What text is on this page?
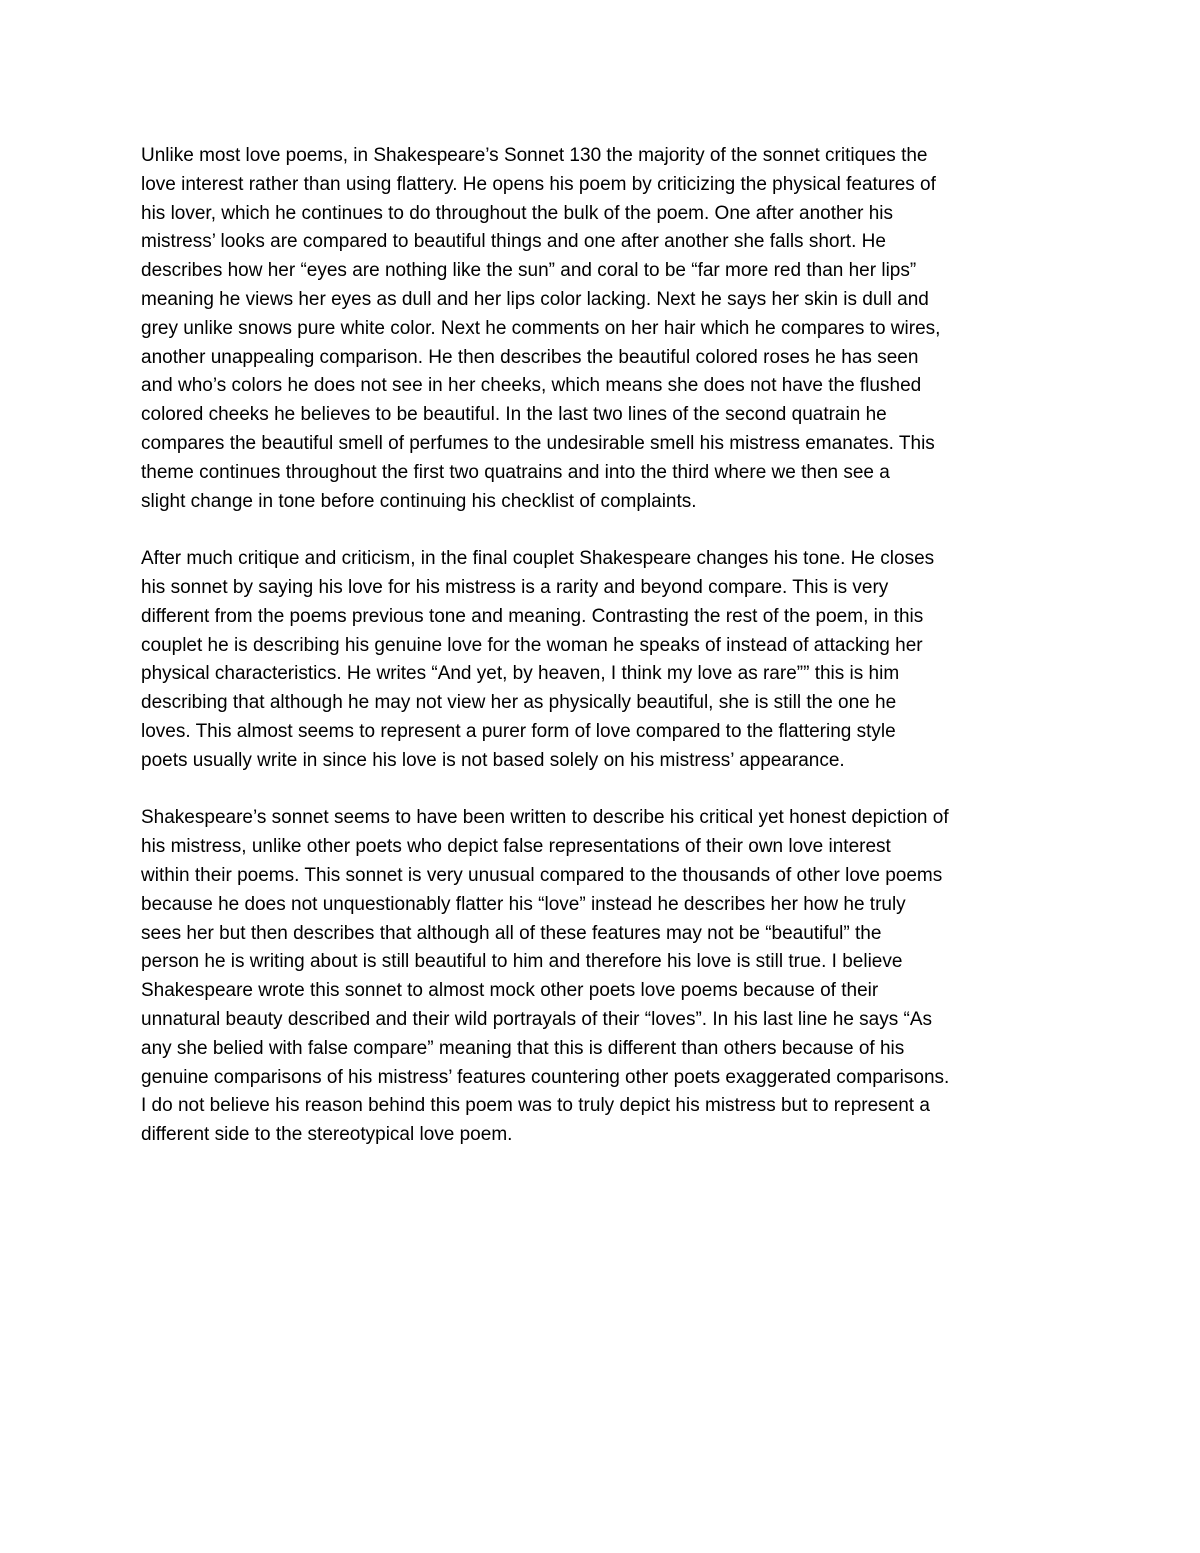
Unlike most love poems, in Shakespeare’s Sonnet 130 the majority of the sonnet critiques the
love interest rather than using flattery. He opens his poem by criticizing the physical features of
his lover, which he continues to do throughout the bulk of the poem. One after another his
mistress’ looks are compared to beautiful things and one after another she falls short. He
describes how her “eyes are nothing like the sun” and coral to be “far more red than her lips”
meaning he views her eyes as dull and her lips color lacking. Next he says her skin is dull and
grey unlike snows pure white color. Next he comments on her hair which he compares to wires,
another unappealing comparison. He then describes the beautiful colored roses he has seen
and who’s colors he does not see in her cheeks, which means she does not have the flushed
colored cheeks he believes to be beautiful. In the last two lines of the second quatrain he
compares the beautiful smell of perfumes to the undesirable smell his mistress emanates. This
theme continues throughout the first two quatrains and into the third where we then see a
slight change in tone before continuing his checklist of complaints.
After much critique and criticism, in the final couplet Shakespeare changes his tone. He closes
his sonnet by saying his love for his mistress is a rarity and beyond compare. This is very
different from the poems previous tone and meaning. Contrasting the rest of the poem, in this
couplet he is describing his genuine love for the woman he speaks of instead of attacking her
physical characteristics. He writes “And yet, by heaven, I think my love as rare”” this is him
describing that although he may not view her as physically beautiful, she is still the one he
loves. This almost seems to represent a purer form of love compared to the flattering style
poets usually write in since his love is not based solely on his mistress’ appearance.
Shakespeare’s sonnet seems to have been written to describe his critical yet honest depiction of
his mistress, unlike other poets who depict false representations of their own love interest
within their poems. This sonnet is very unusual compared to the thousands of other love poems
because he does not unquestionably flatter his “love” instead he describes her how he truly
sees her but then describes that although all of these features may not be “beautiful” the
person he is writing about is still beautiful to him and therefore his love is still true. I believe
Shakespeare wrote this sonnet to almost mock other poets love poems because of their
unnatural beauty described and their wild portrayals of their “loves”. In his last line he says “As
any she belied with false compare” meaning that this is different than others because of his
genuine comparisons of his mistress’ features countering other poets exaggerated comparisons.
I do not believe his reason behind this poem was to truly depict his mistress but to represent a
different side to the stereotypical love poem.
